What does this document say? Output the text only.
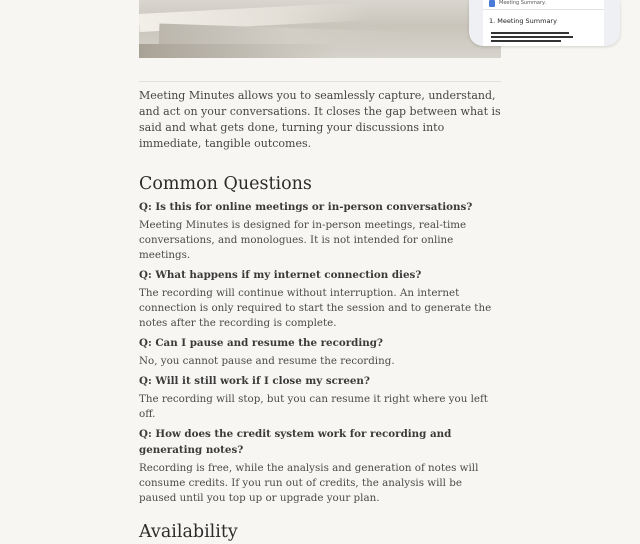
Meeting Summary.
1. Meeting Summary

Meeting Minutes allows you to seamlessly capture, understand, and act on your conversations. It closes the gap between what is said and what gets done, turning your discussions into immediate, tangible outcomes.

Common Questions

Q: Is this for online meetings or in-person conversations?

Meeting Minutes is designed for in-person meetings, real-time conversations, and monologues. It is not intended for online meetings.

Q: What happens if my internet connection dies?

The recording will continue without interruption. An internet connection is only required to start the session and to generate the notes after the recording is complete.

Q: Can I pause and resume the recording?

No, you cannot pause and resume the recording.

Q: Will it still work if I close my screen?

The recording will stop, but you can resume it right where you left off.

Q: How does the credit system work for recording and generating notes?

Recording is free, while the analysis and generation of notes will consume credits. If you run out of credits, the analysis will be paused until you top up or upgrade your plan.

Availability
